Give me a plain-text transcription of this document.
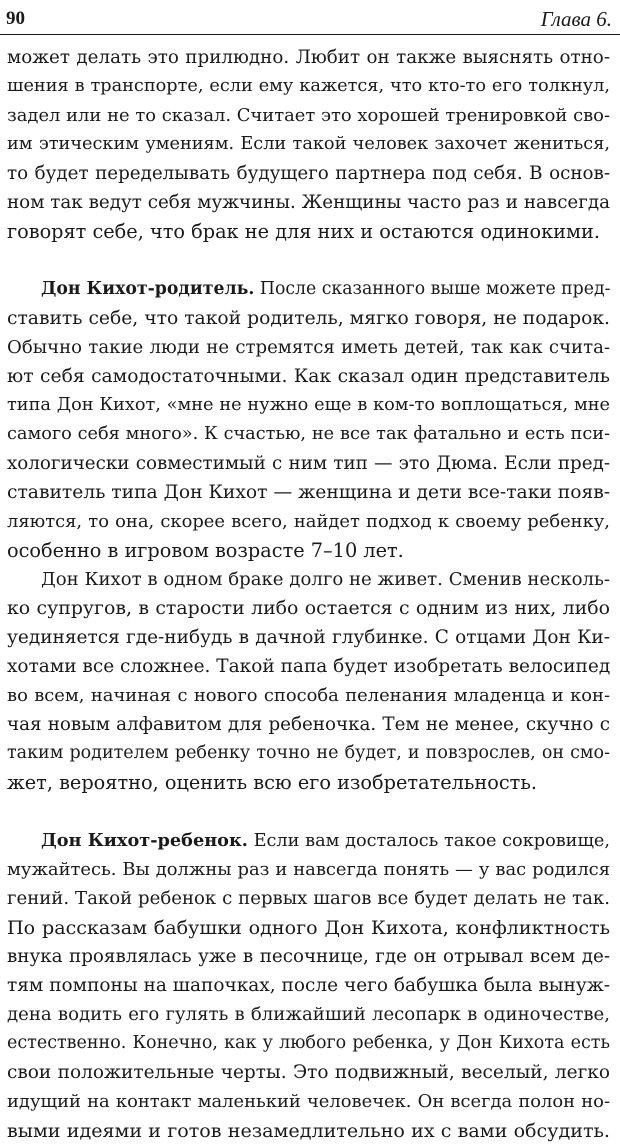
90	Глава 6.
может делать это прилюдно. Любит он также выяснять отно-
шения в транспорте, если ему кажется, что кто-то его толкнул,
задел или не то сказал. Считает это хорошей тренировкой сво-
им этическим умениям. Если такой человек захочет жениться,
то будет переделывать будущего партнера под себя. В основ-
ном так ведут себя мужчины. Женщины часто раз и навсегда
говорят себе, что брак не для них и остаются одинокими.
Дон Кихот-родитель. После сказанного выше можете пред-
ставить себе, что такой родитель, мягко говоря, не подарок.
Обычно такие люди не стремятся иметь детей, так как счита-
ют себя самодостаточными. Как сказал один представитель
типа Дон Кихот, «мне не нужно еще в ком-то воплощаться, мне
самого себя много». К счастью, не все так фатально и есть пси-
хологически совместимый с ним тип — это Дюма. Если пред-
ставитель типа Дон Кихот — женщина и дети все-таки появ-
ляются, то она, скорее всего, найдет подход к своему ребенку,
особенно в игровом возрасте 7–10 лет.
Дон Кихот в одном браке долго не живет. Сменив несколь-
ко супругов, в старости либо остается с одним из них, либо
уединяется где-нибудь в дачной глубинке. С отцами Дон Ки-
хотами все сложнее. Такой папа будет изобретать велосипед
во всем, начиная с нового способа пеленания младенца и кон-
чая новым алфавитом для ребеночка. Тем не менее, скучно с
таким родителем ребенку точно не будет, и повзрослев, он смо-
жет, вероятно, оценить всю его изобретательность.
Дон Кихот-ребенок. Если вам досталось такое сокровище,
мужайтесь. Вы должны раз и навсегда понять — у вас родился
гений. Такой ребенок с первых шагов все будет делать не так.
По рассказам бабушки одного Дон Кихота, конфликтность
внука проявлялась уже в песочнице, где он отрывал всем де-
тям помпоны на шапочках, после чего бабушка была вынуж-
дена водить его гулять в ближайший лесопарк в одиночестве,
естественно. Конечно, как у любого ребенка, у Дон Кихота есть
свои положительные черты. Это подвижный, веселый, легко
идущий на контакт маленький человечек. Он всегда полон но-
выми идеями и готов незамедлительно их с вами обсудить.
